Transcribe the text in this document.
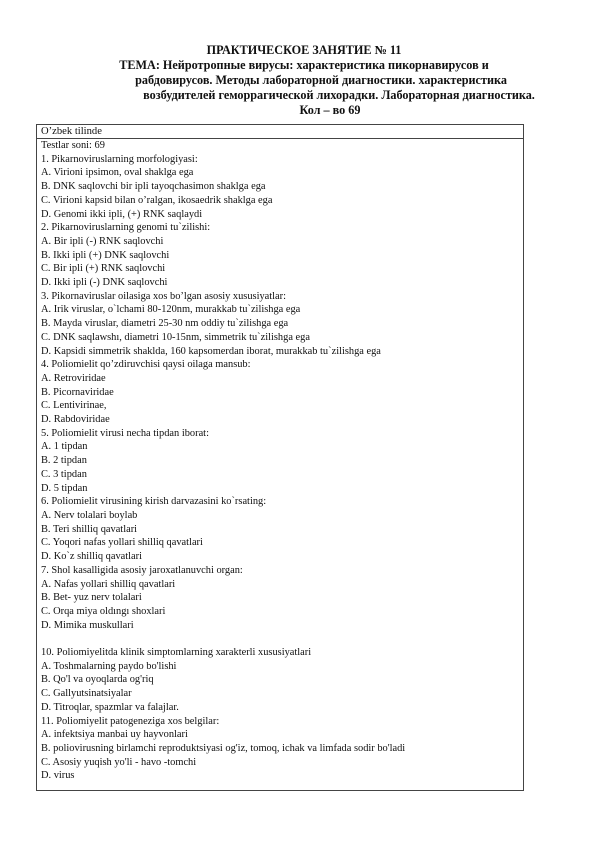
ПРАКТИЧЕСКОЕ ЗАНЯТИЕ № 11
ТЕМА: Нейротропные вирусы: характеристика пикорнавирусов и
рабдовирусов. Методы лабораторной диагностики. характеристика
возбудителей геморрагической лихорадки. Лабораторная диагностика.
Кол – во 69
O’zbek tilinde
Testlar soni: 69
1. Pikarnoviruslarning morfologiyasi:
A. Virioni ipsimon, oval shaklga ega
B. DNK saqlovchi bir ipli tayoqchasimon shaklga ega
C. Virioni kapsid bilan o’ralgan, ikosaedrik shaklga ega
D. Genomi ikki ipli, (+) RNK saqlaydi
2. Pikarnoviruslarning genomi tu`zilishi:
A. Bir ipli (-) RNK saqlovchi
B. Ikki ipli (+) DNK saqlovchi
C. Bir ipli (+) RNK saqlovchi
D. Ikki ipli (-) DNK saqlovchi
3. Pikornaviruslar oilasiga xos bo’lgan asosiy xususiyatlar:
A. Irik viruslar, o`lchami 80-120nm, murakkab tu`zilishga ega
B. Mayda viruslar, diametri 25-30 nm oddiy tu`zilishga ega
C. DNK saqlawshı, diametri 10-15nm, simmetrik tu`zilishga ega
D. Kapsidi simmetrik shaklda, 160 kapsomerdan iborat, murakkab tu`zilishga ega
4. Poliomielit qo’zdiruvchisi qaysi oilaga mansub:
A. Retroviridae
B. Picornaviridae
C. Lentivirinae,
D. Rabdoviridae
5. Poliomielit virusi necha tipdan iborat:
A. 1 tipdan
B. 2 tipdan
C. 3 tipdan
D. 5 tipdan
6. Poliomielit virusining kirish darvazasini ko`rsating:
A. Nerv tolalari boylab
B. Teri shilliq qavatlari
C. Yoqori nafas yollari shilliq qavatlari
D. Ko`z shilliq qavatlari
7. Shol kasalligida asosiy jaroxatlanuvchi organ:
A. Nafas yollari shilliq qavatlari
B. Bet- yuz nerv tolalari
C. Orqa miya oldıngı shoxlari
D. Mimika muskullari
10. Poliomiyelitda klinik simptomlarning xarakterli xususiyatlari
A. Toshmalarning paydo bo'lishi
B. Qo'l va oyoqlarda og'riq
C. Gallyutsinatsiyalar
D. Titroqlar, spazmlar va falajlar.
11. Poliomiyelit patogeneziga xos belgilar:
A. infektsiya manbai uy hayvonlari
B. poliovirusning birlamchi reproduktsiyasi og'iz, tomoq, ichak va limfada sodir bo'ladi
C. Asosiy yuqish yo'li - havo -tomchi
D. virus
